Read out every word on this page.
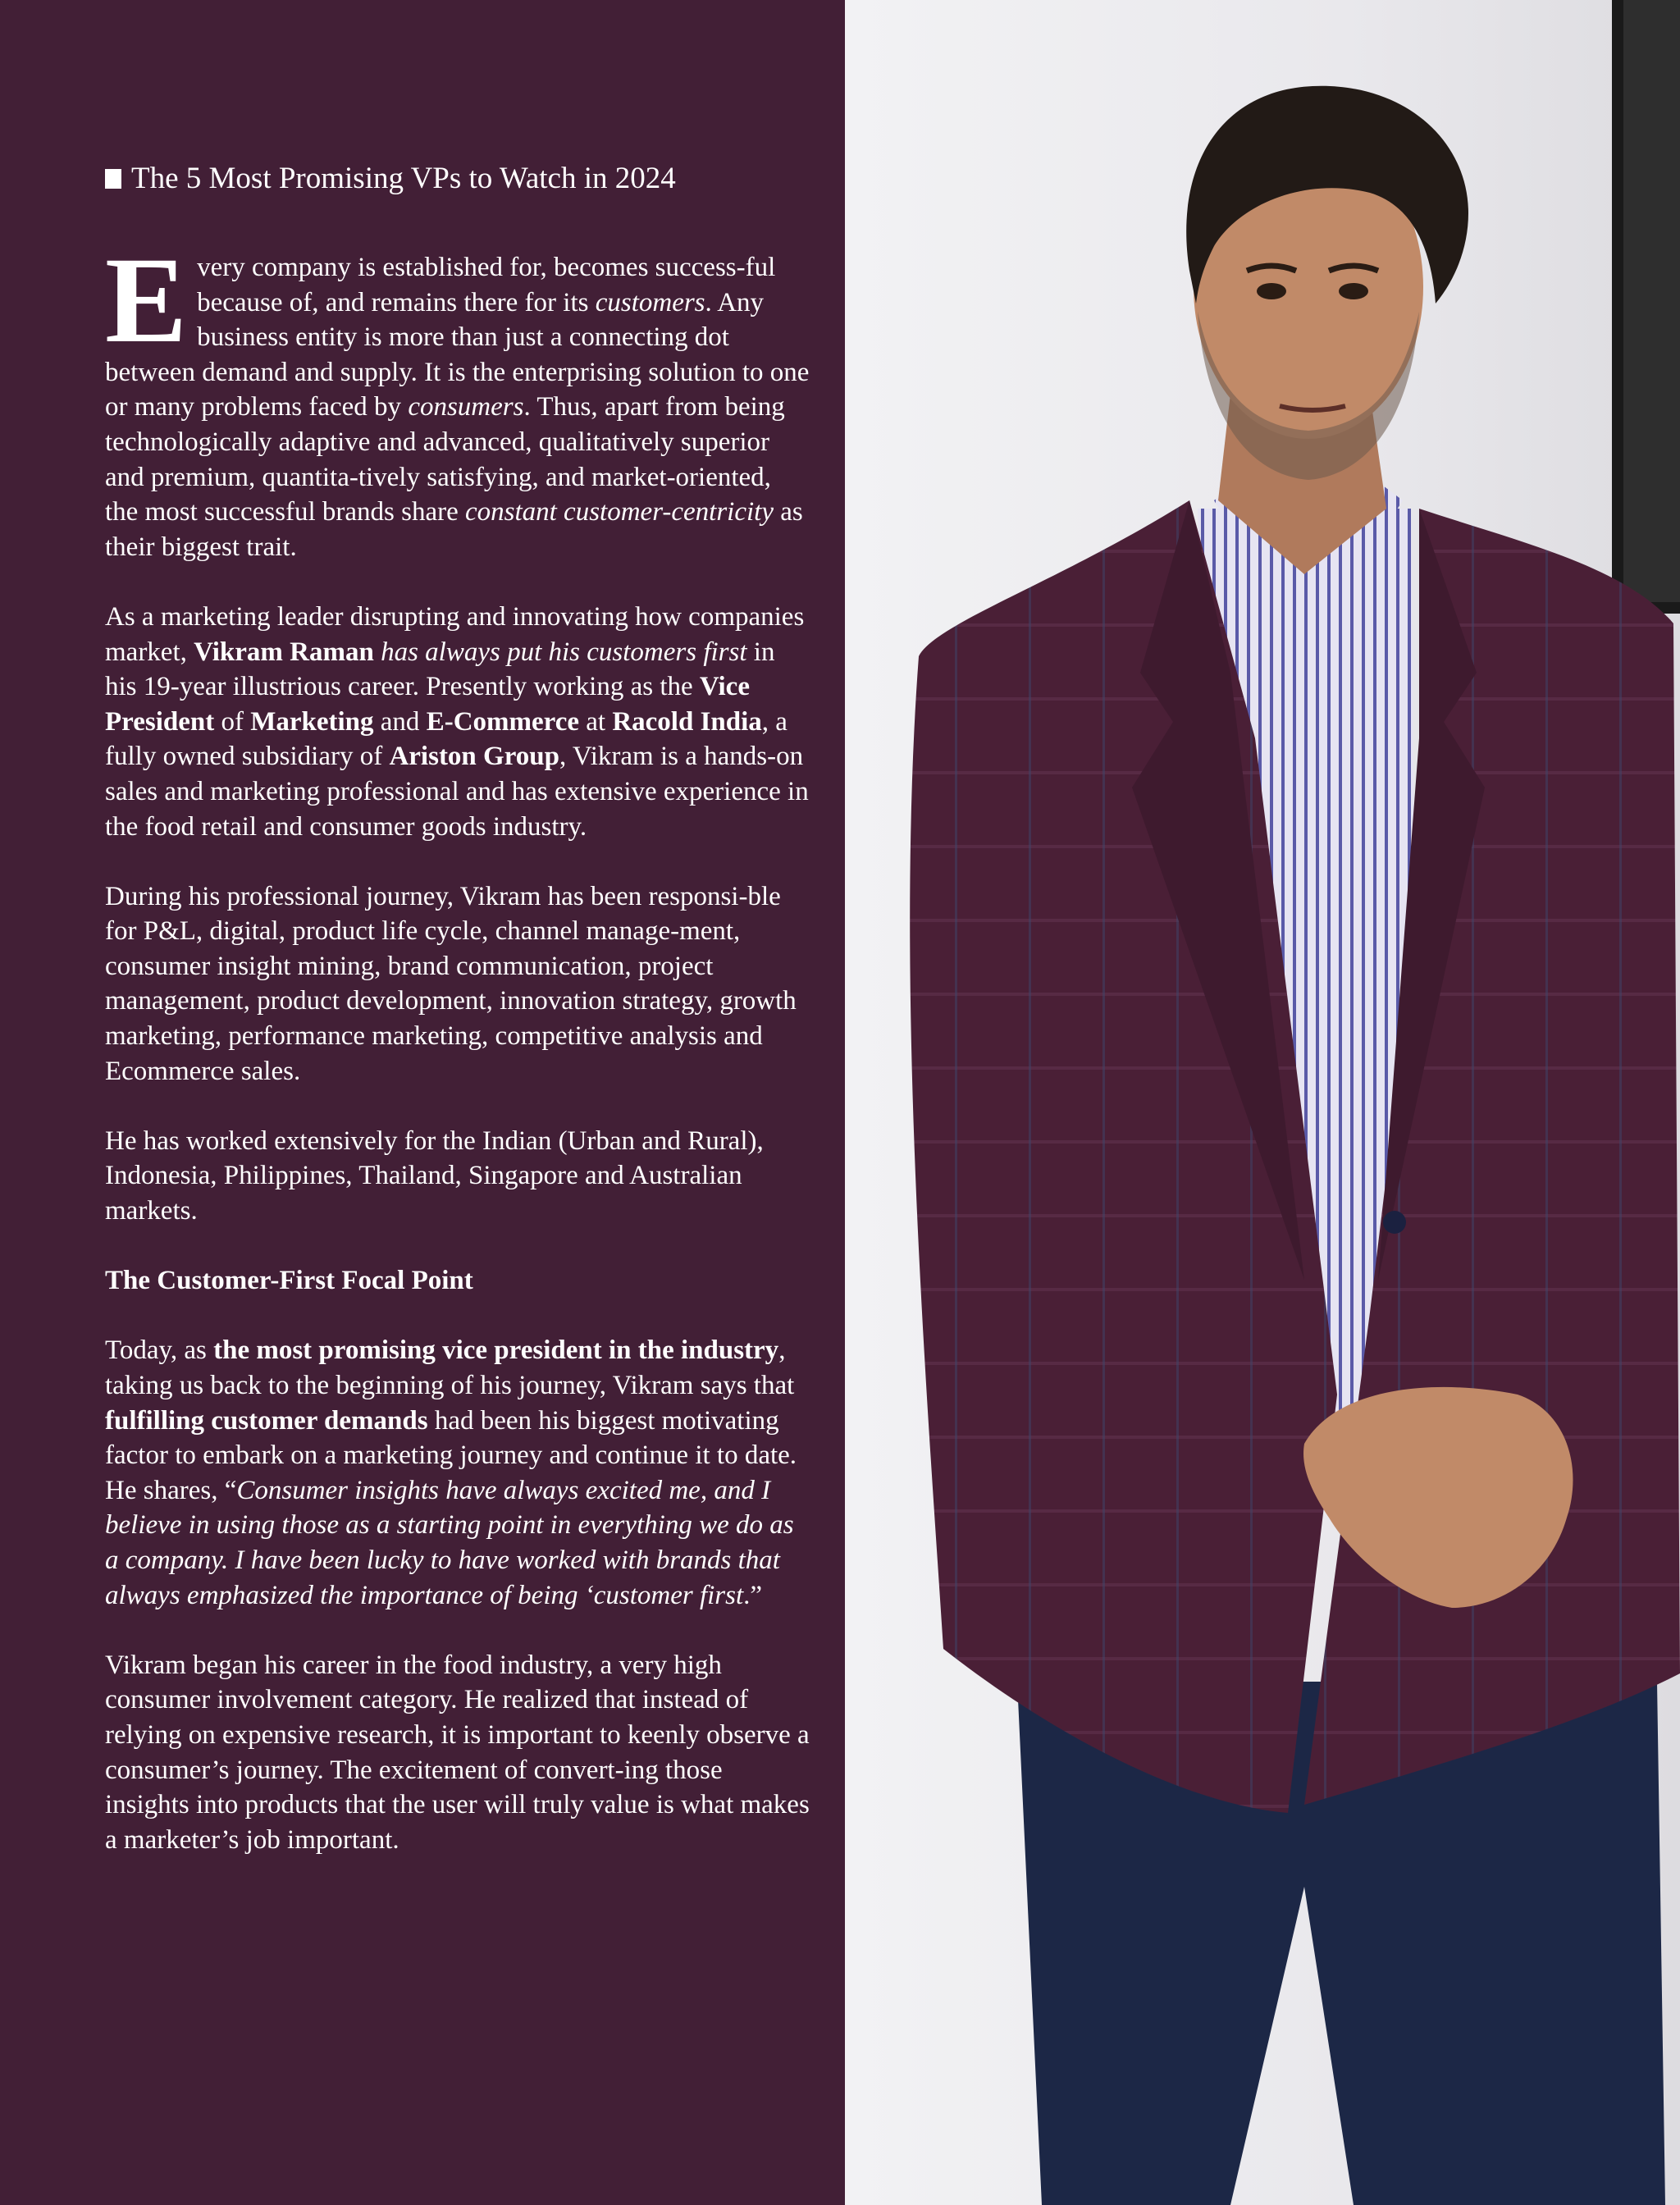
The 5 Most Promising VPs to Watch in 2024

E very company is established for, becomes success-ful because of, and remains there for its customers. Any business entity is more than just a connecting dot between demand and supply. It is the enterprising solution to one or many problems faced by consumers. Thus, apart from being technologically adaptive and advanced, qualitatively superior and premium, quantita-tively satisfying, and market-oriented, the most successful brands share constant customer-centricity as their biggest trait.

As a marketing leader disrupting and innovating how companies market, Vikram Raman has always put his customers first in his 19-year illustrious career. Presently working as the Vice President of Marketing and E-Commerce at Racold India, a fully owned subsidiary of Ariston Group, Vikram is a hands-on sales and marketing professional and has extensive experience in the food retail and consumer goods industry.

During his professional journey, Vikram has been responsi-ble for P&L, digital, product life cycle, channel manage-ment, consumer insight mining, brand communication, project management, product development, innovation strategy, growth marketing, performance marketing, competitive analysis and Ecommerce sales.

He has worked extensively for the Indian (Urban and Rural), Indonesia, Philippines, Thailand, Singapore and Australian markets.

The Customer-First Focal Point

Today, as the most promising vice president in the industry, taking us back to the beginning of his journey, Vikram says that fulfilling customer demands had been his biggest motivating factor to embark on a marketing journey and continue it to date. He shares, “Consumer insights have always excited me, and I believe in using those as a starting point in everything we do as a company. I have been lucky to have worked with brands that always emphasized the importance of being ‘customer first.”

Vikram began his career in the food industry, a very high consumer involvement category. He realized that instead of relying on expensive research, it is important to keenly observe a consumer’s journey. The excitement of convert-ing those insights into products that the user will truly value is what makes a marketer’s job important.
